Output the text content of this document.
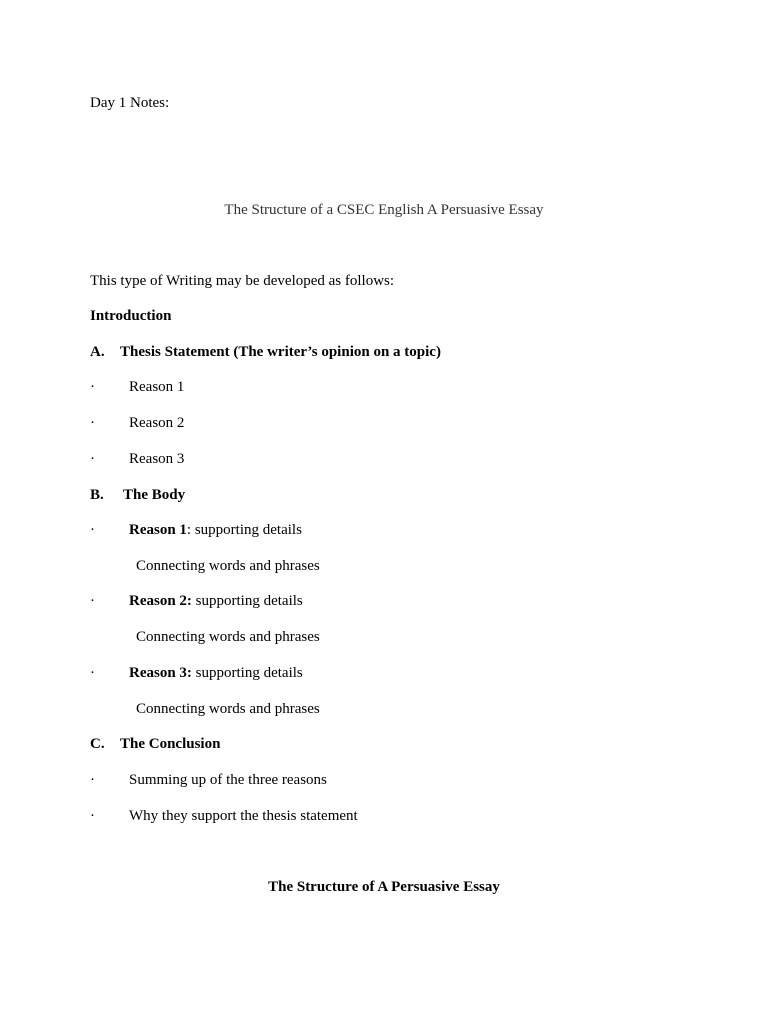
Day 1 Notes:
The Structure of a CSEC English A Persuasive Essay
This type of Writing may be developed as follows:
Introduction
A. Thesis Statement (The writer’s opinion on a topic)
· Reason 1
· Reason 2
· Reason 3
B. The Body
· Reason 1: supporting details
Connecting words and phrases
· Reason 2: supporting details
Connecting words and phrases
· Reason 3: supporting details
Connecting words and phrases
C. The Conclusion
· Summing up of the three reasons
· Why they support the thesis statement
The Structure of A Persuasive Essay
